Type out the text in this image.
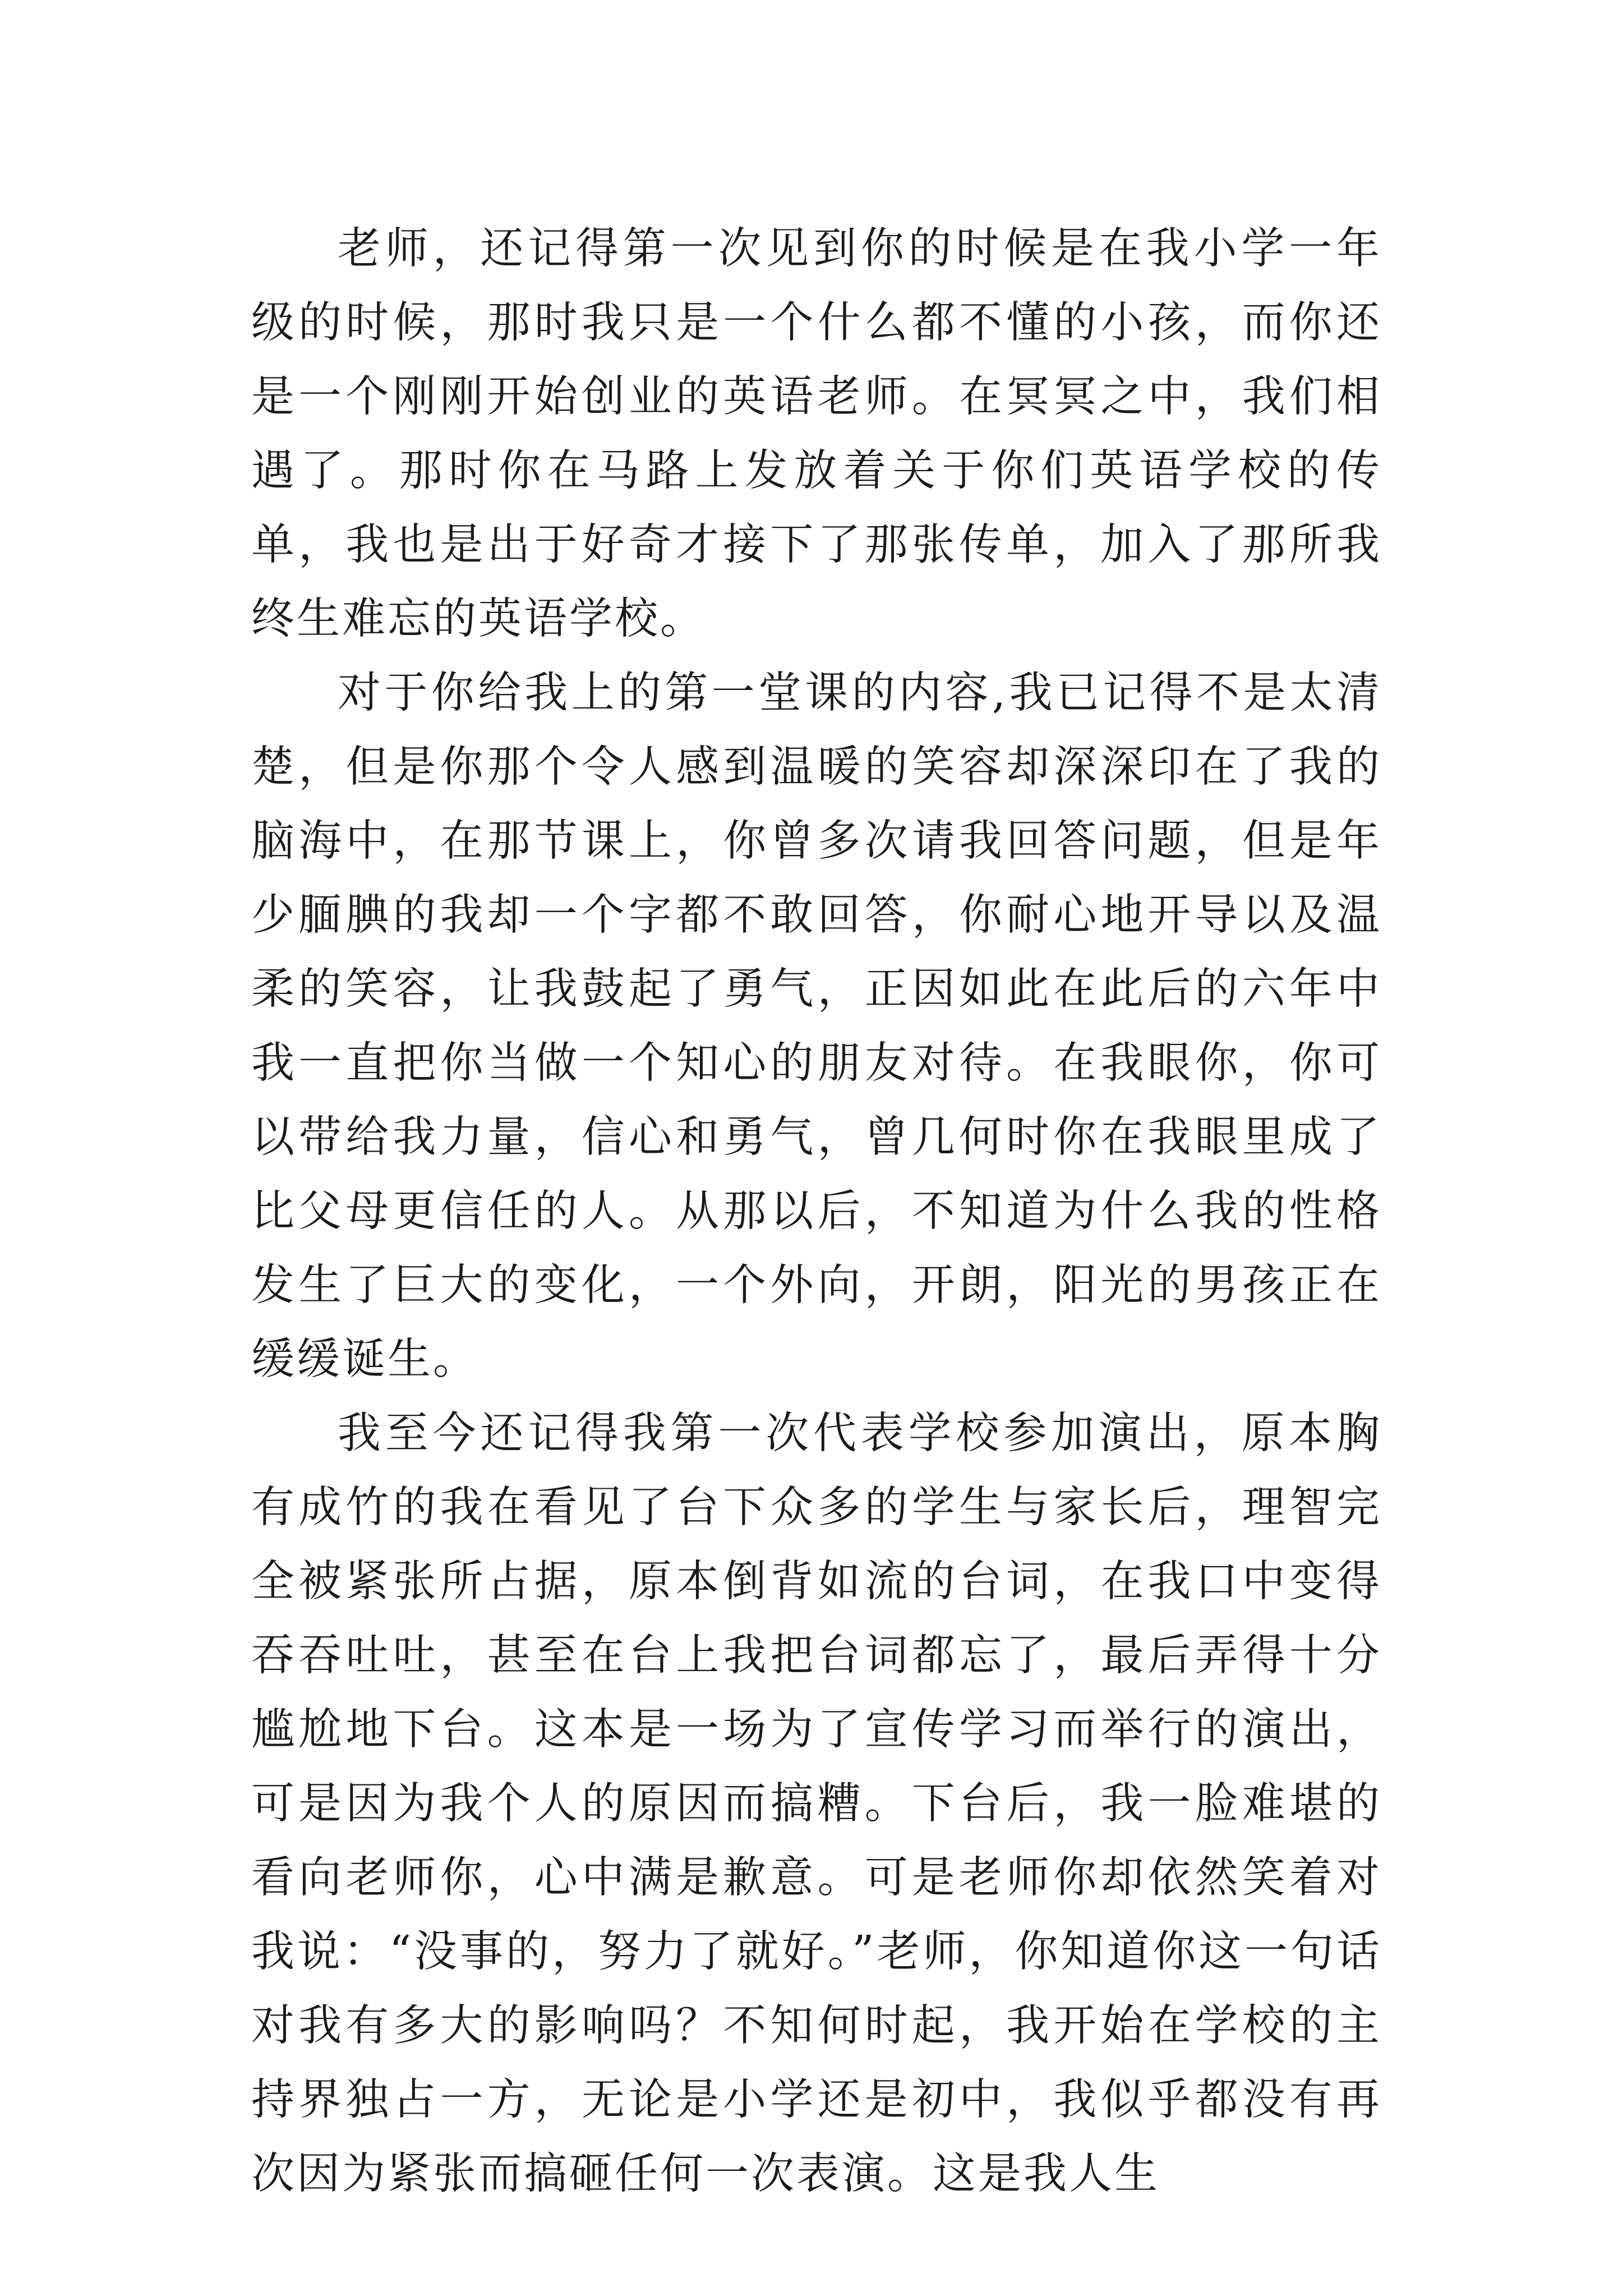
老师，还记得第一次见到你的时候是在我小学一年级的时候，那时我只是一个什么都不懂的小孩，而你还是一个刚刚开始创业的英语老师。在冥冥之中，我们相遇了。那时你在马路上发放着关于你们英语学校的传单，我也是出于好奇才接下了那张传单，加入了那所我终生难忘的英语学校。

对于你给我上的第一堂课的内容,我已记得不是太清楚，但是你那个令人感到温暖的笑容却深深印在了我的脑海中，在那节课上，你曾多次请我回答问题，但是年少腼腆的我却一个字都不敢回答，你耐心地开导以及温柔的笑容，让我鼓起了勇气，正因如此在此后的六年中我一直把你当做一个知心的朋友对待。在我眼你，你可以带给我力量，信心和勇气，曾几何时你在我眼里成了比父母更信任的人。从那以后，不知道为什么我的性格发生了巨大的变化，一个外向，开朗，阳光的男孩正在缓缓诞生。

我至今还记得我第一次代表学校参加演出，原本胸有成竹的我在看见了台下众多的学生与家长后，理智完全被紧张所占据，原本倒背如流的台词，在我口中变得吞吞吐吐，甚至在台上我把台词都忘了，最后弄得十分尴尬地下台。这本是一场为了宣传学习而举行的演出，可是因为我个人的原因而搞糟。下台后，我一脸难堪的看向老师你，心中满是歉意。可是老师你却依然笑着对我说：“没事的，努力了就好。”老师，你知道你这一句话对我有多大的影响吗？不知何时起，我开始在学校的主持界独占一方，无论是小学还是初中，我似乎都没有再次因为紧张而搞砸任何一次表演。这是我人生
